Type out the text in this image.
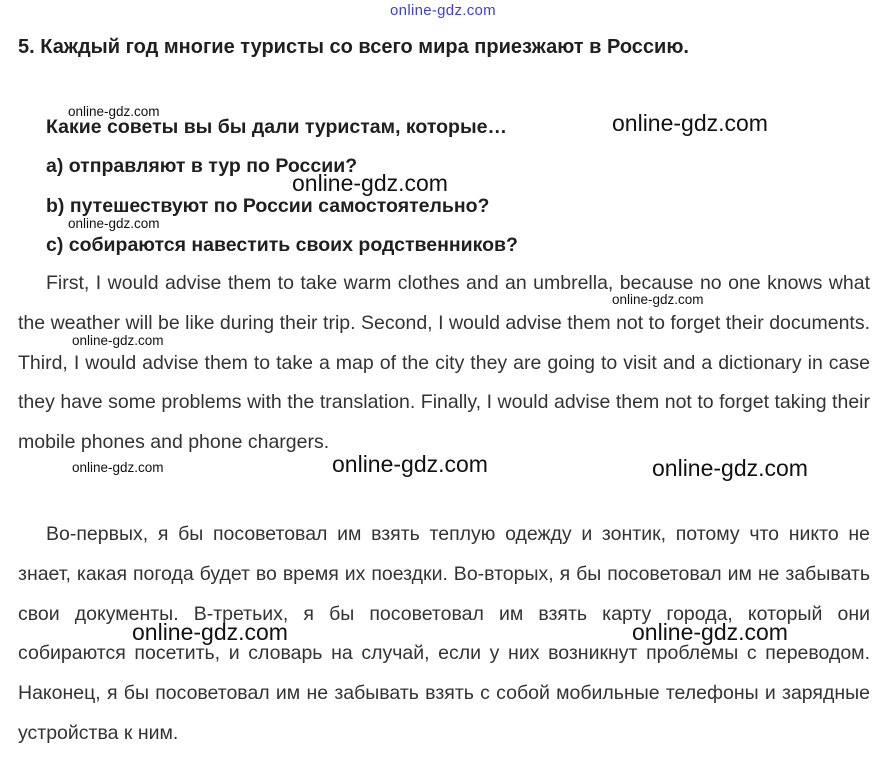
online-gdz.com
5. Каждый год многие туристы со всего мира приезжают в Россию.
Какие советы вы бы дали туристам, которые…
a) отправляют в тур по России?
b) путешествуют по России самостоятельно?
c) собираются навестить своих родственников?
First, I would advise them to take warm clothes and an umbrella, because no one knows what the weather will be like during their trip. Second, I would advise them not to forget their documents. Third, I would advise them to take a map of the city they are going to visit and a dictionary in case they have some problems with the translation. Finally, I would advise them not to forget taking their mobile phones and phone chargers.
Во-первых, я бы посоветовал им взять теплую одежду и зонтик, потому что никто не знает, какая погода будет во время их поездки. Во-вторых, я бы посоветовал им не забывать свои документы. В-третьих, я бы посоветовал им взять карту города, который они собираются посетить, и словарь на случай, если у них возникнут проблемы с переводом. Наконец, я бы посоветовал им не забывать взять с собой мобильные телефоны и зарядные устройства к ним.
online-gdz.com	online-gdz.com
online-gdz.com
online-gdz.com
online-gdz.com
online-gdz.com
online-gdz.com	online-gdz.com	online-gdz.com
online-gdz.com	online-gdz.com
